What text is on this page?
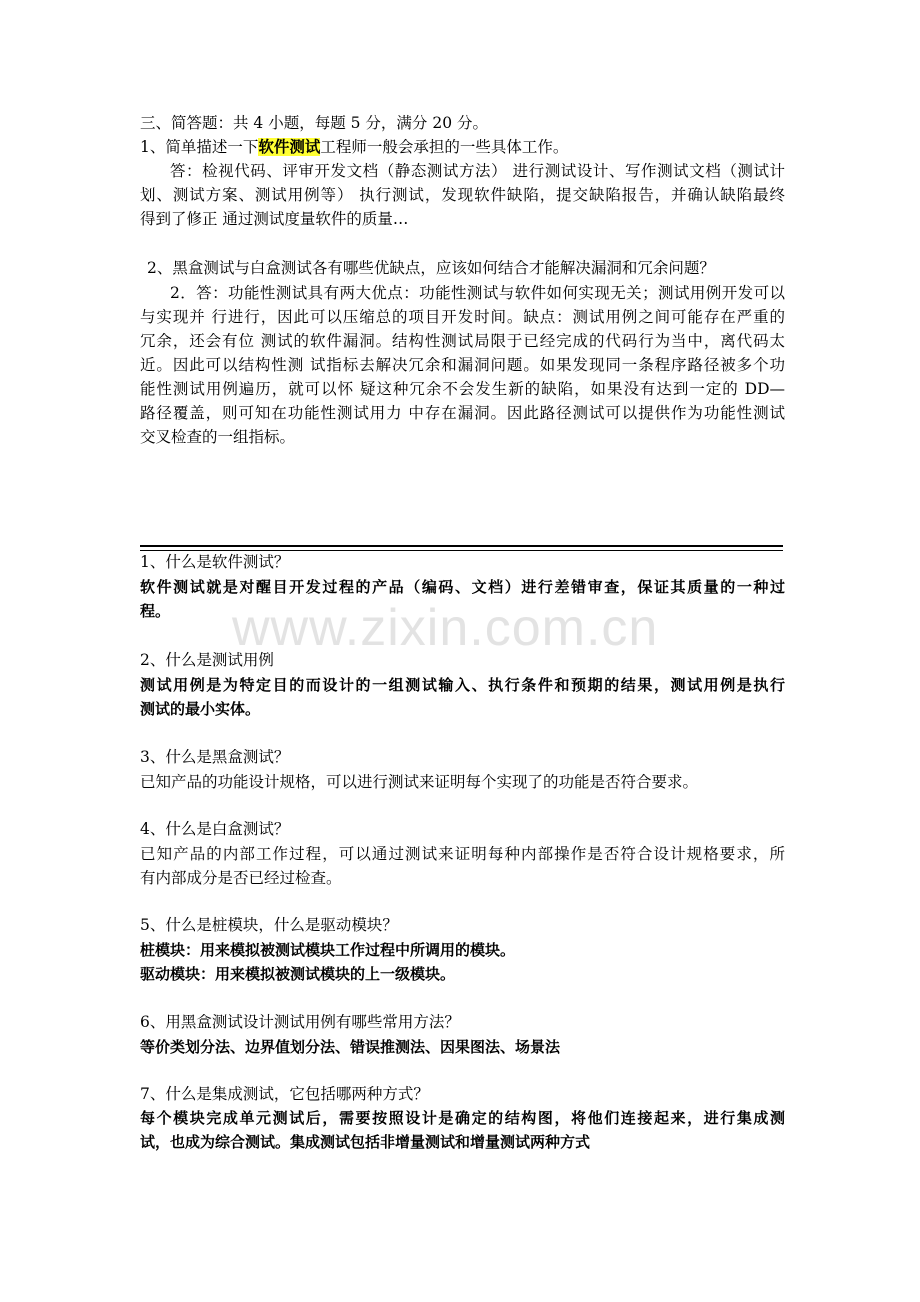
三、简答题：共 4 小题，每题 5 分，满分 20 分。
1、简单描述一下软件测试工程师一般会承担的一些具体工作。
答：检视代码、评审开发文档（静态测试方法） 进行测试设计、写作测试文档（测试计
划、测试方案、测试用例等） 执行测试，发现软件缺陷，提交缺陷报告，并确认缺陷最终
得到了修正 通过测试度量软件的质量…
2、黑盒测试与白盒测试各有哪些优缺点，应该如何结合才能解决漏洞和冗余问题？
2．答：功能性测试具有两大优点：功能性测试与软件如何实现无关；测试用例开发可以
与实现并 行进行，因此可以压缩总的项目开发时间。缺点：测试用例之间可能存在严重的
冗余，还会有位 测试的软件漏洞。结构性测试局限于已经完成的代码行为当中，离代码太
近。因此可以结构性测 试指标去解决冗余和漏洞问题。如果发现同一条程序路径被多个功
能性测试用例遍历，就可以怀 疑这种冗余不会发生新的缺陷，如果没有达到一定的 DD—
路径覆盖，则可知在功能性测试用力 中存在漏洞。因此路径测试可以提供作为功能性测试
交叉检查的一组指标。
www.zixin.com.cn
1、什么是软件测试？
软件测试就是对醒目开发过程的产品（编码、文档）进行差错审查，保证其质量的一种过
程。
2、什么是测试用例
测试用例是为特定目的而设计的一组测试输入、执行条件和预期的结果，测试用例是执行
测试的最小实体。
3、什么是黑盒测试？
已知产品的功能设计规格，可以进行测试来证明每个实现了的功能是否符合要求。
4、什么是白盒测试？
已知产品的内部工作过程，可以通过测试来证明每种内部操作是否符合设计规格要求，所
有内部成分是否已经过检查。
5、什么是桩模块，什么是驱动模块？
桩模块：用来模拟被测试模块工作过程中所调用的模块。
驱动模块：用来模拟被测试模块的上一级模块。
6、用黑盒测试设计测试用例有哪些常用方法？
等价类划分法、边界值划分法、错误推测法、因果图法、场景法
7、什么是集成测试，它包括哪两种方式？
每个模块完成单元测试后，需要按照设计是确定的结构图，将他们连接起来，进行集成测
试，也成为综合测试。集成测试包括非增量测试和增量测试两种方式
